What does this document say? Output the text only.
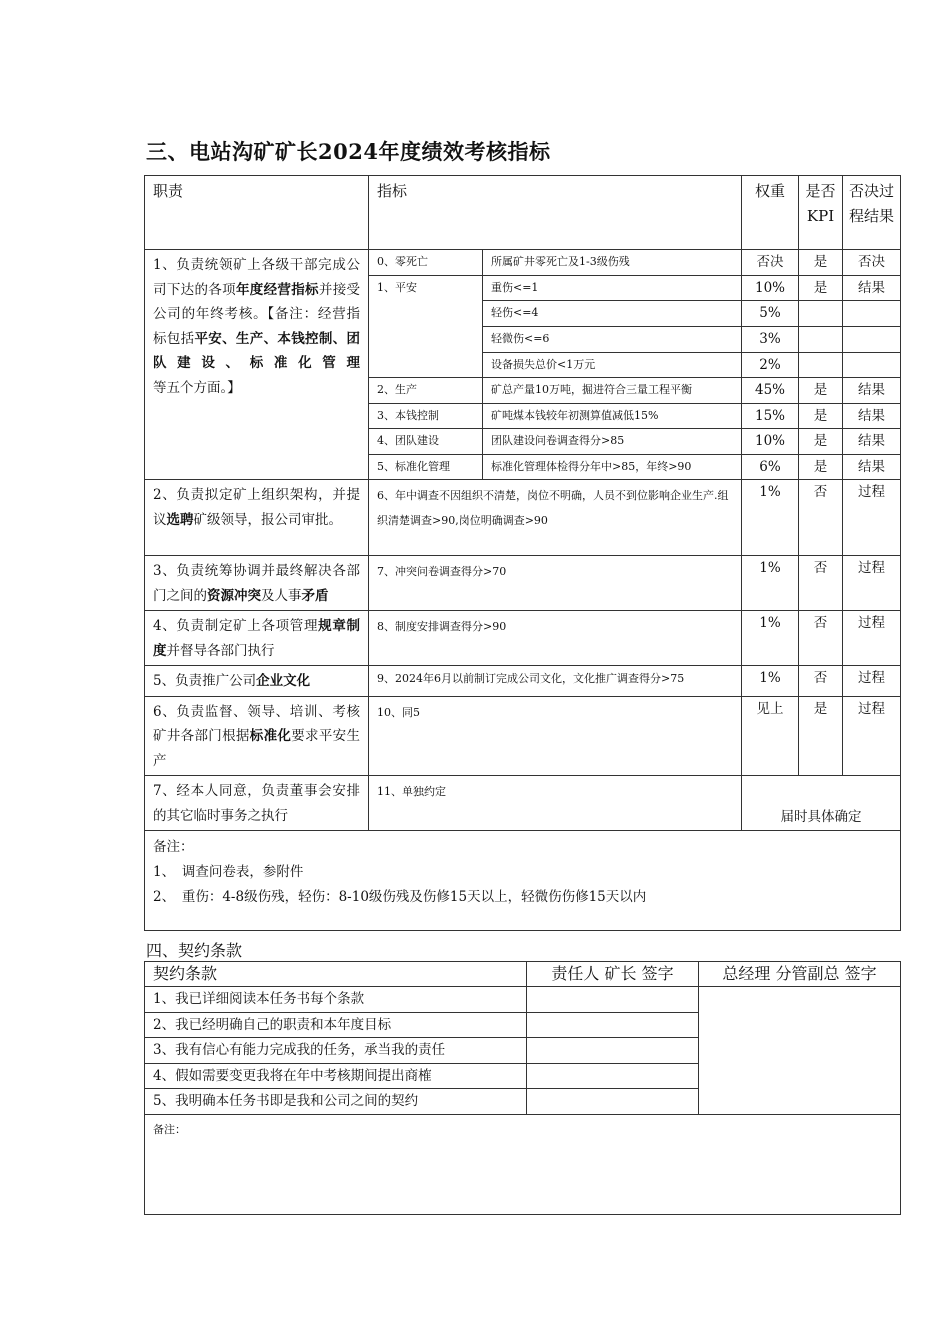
三、电站沟矿矿长2024年度绩效考核指标
职责	指标		权重	是否KPI	否决过程结果
1、负责统领矿上各级干部完成公司下达的各项年度经营指标并接受公司的年终考核。【备注：经营指标包括平安、生产、本钱控制、团队建设、标准化管理等五个方面。】	0、零死亡	所属矿井零死亡及1-3级伤残	否决	是	否决
	1、平安	重伤<=1	10%	是	结果
		轻伤<=4	5%		
		轻微伤<=6	3%		
		设备损失总价<1万元	2%		
	2、生产	矿总产量10万吨，掘进符合三量工程平衡	45%	是	结果
	3、本钱控制	矿吨煤本钱较年初测算值减低15%	15%	是	结果
	4、团队建设	团队建设问卷调查得分>85	10%	是	结果
	5、标准化管理	标准化管理体检得分年中>85，年终>90	6%	是	结果
2、负责拟定矿上组织架构，并提议选聘矿级领导，报公司审批。	6、年中调查不因组织不清楚，岗位不明确，人员不到位影响企业生产.组织清楚调查>90,岗位明确调查>90		1%	否	过程
3、负责统筹协调并最终解决各部门之间的资源冲突及人事矛盾	7、冲突问卷调查得分>70		1%	否	过程
4、负责制定矿上各项管理规章制度并督导各部门执行	8、制度安排调查得分>90		1%	否	过程
5、负责推广公司企业文化	9、2024年6月以前制订完成公司文化，文化推广调查得分>75		1%	否	过程
6、负责监督、领导、培训、考核矿井各部门根据标准化要求平安生产	10、同5		见上	是	过程
7、经本人同意，负责董事会安排的其它临时事务之执行	11、单独约定		届时具体确定		

备注：
1、　调查问卷表，参附件
2、　重伤：4-8级伤残，轻伤：8-10级伤残及伤修15天以上，轻微伤伤修15天以内					
四、契约条款
契约条款	责任人 矿长 签字	总经理 分管副总 签字
1、我已详细阅读本任务书每个条款		
2、我已经明确自己的职责和本年度目标		
3、我有信心有能力完成我的任务，承当我的责任		
4、假如需要变更我将在年中考核期间提出商榷		
5、我明确本任务书即是我和公司之间的契约		
备注：		
